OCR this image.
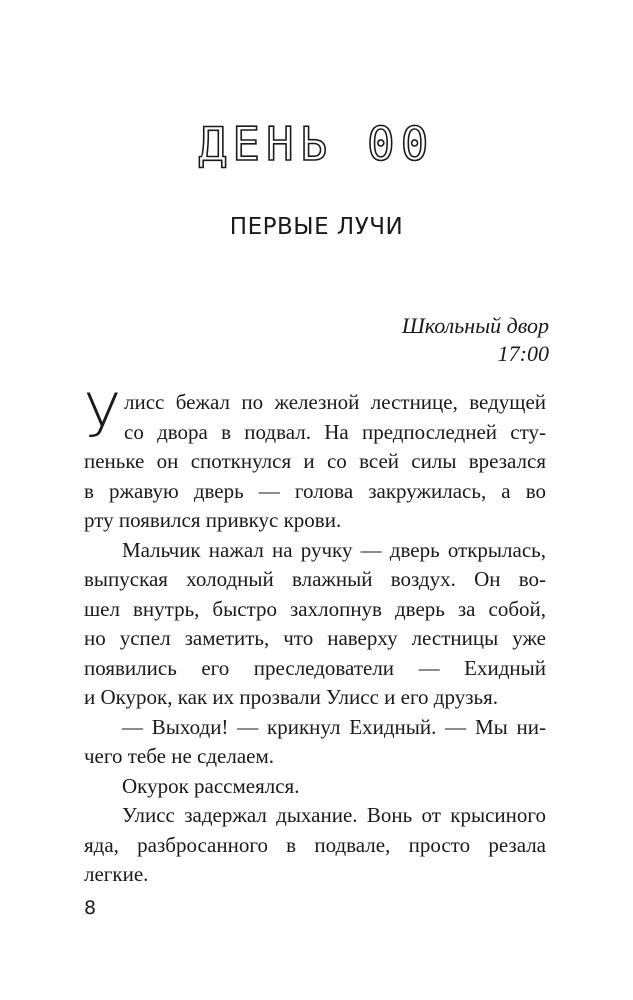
ДЕНЬ 00
ПЕРВЫЕ ЛУЧИ
Школьный двор
17:00
У лисс бежал по железной лестнице, ведущей
со двора в подвал. На предпоследней сту-
пеньке он споткнулся и со всей силы врезался
в ржавую дверь — голова закружилась, а во
рту появился привкус крови.
Мальчик нажал на ручку — дверь открылась,
выпуская холодный влажный воздух. Он во-
шел внутрь, быстро захлопнув дверь за собой,
но успел заметить, что наверху лестницы уже
появились его преследователи — Ехидный
и Окурок, как их прозвали Улисс и его друзья.
— Выходи! — крикнул Ехидный. — Мы ни-
чего тебе не сделаем.
Окурок рассмеялся.
Улисс задержал дыхание. Вонь от крысиного
яда, разбросанного в подвале, просто резала
легкие.
8
